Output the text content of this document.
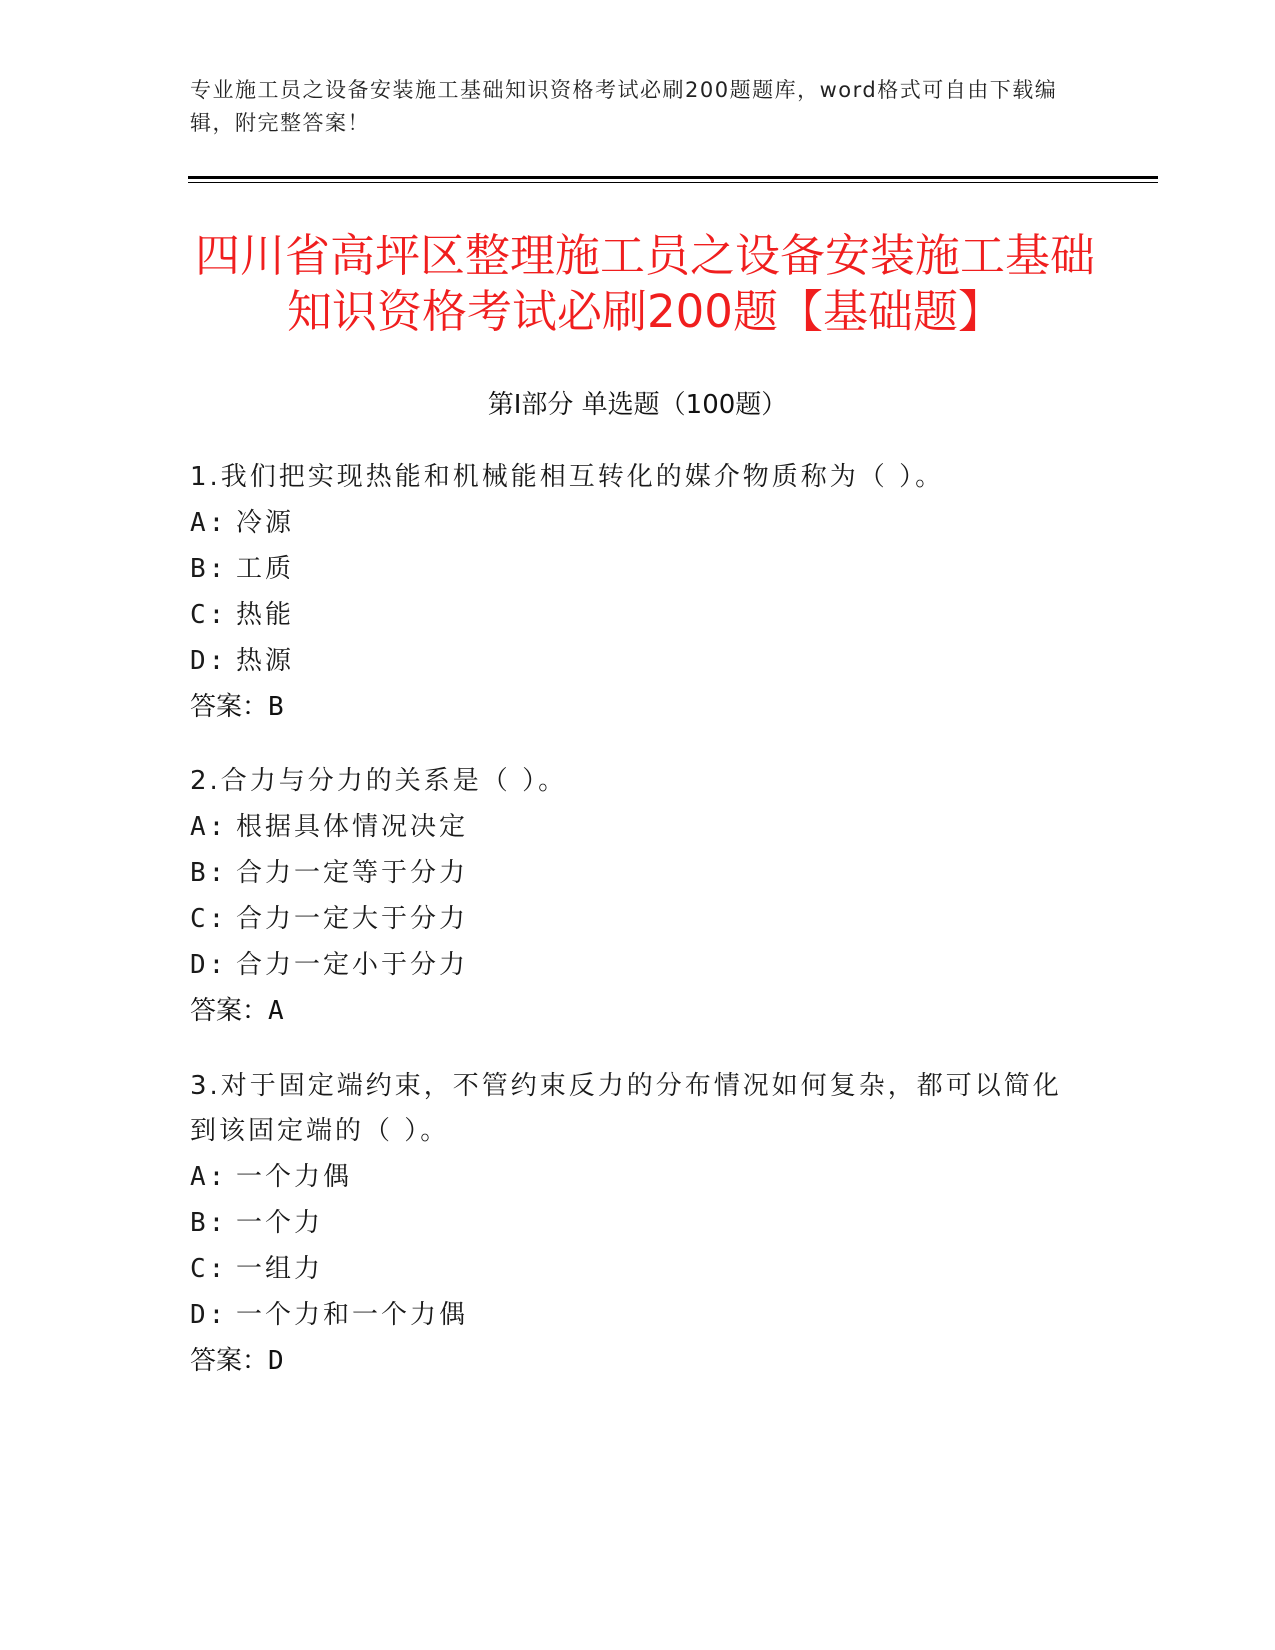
专业施工员之设备安装施工基础知识资格考试必刷200题题库，word格式可自由下载编辑，附完整答案！
四川省高坪区整理施工员之设备安装施工基础知识资格考试必刷200题【基础题】
第Ⅰ部分 单选题（100题）

1.我们把实现热能和机械能相互转化的媒介物质称为（ ）。

A: 冷源
B: 工质
C: 热能
D: 热源
答案：B

2.合力与分力的关系是（ ）。

A: 根据具体情况决定
B: 合力一定等于分力
C: 合力一定大于分力
D: 合力一定小于分力
答案：A

3.对于固定端约束，不管约束反力的分布情况如何复杂，都可以简化到该固定端的（ ）。

A: 一个力偶
B: 一个力
C: 一组力
D: 一个力和一个力偶
答案：D
